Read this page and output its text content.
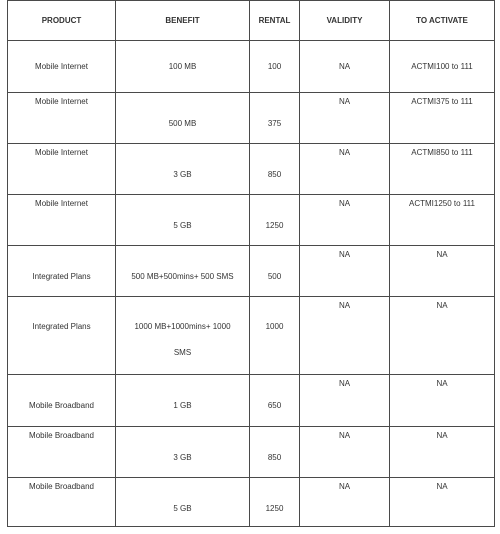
PRODUCT	BENEFIT	RENTAL	VALIDITY	TO ACTIVATE

Mobile Internet	100 MB	100	NA	ACTMI100 to 111

Mobile Internet	500 MB	375	NA	ACTMI375 to 111

Mobile Internet	3 GB	850	NA	ACTMI850 to 111

Mobile Internet	5 GB	1250	NA	ACTMI1250 to 111

Integrated Plans	500 MB+500mins+ 500 SMS	500	NA	NA

Integrated Plans	1000 MB+1000mins+ 1000
SMS	1000	NA	NA

Mobile Broadband	1 GB	650	NA	NA

Mobile Broadband	3 GB	850	NA	NA

Mobile Broadband	5 GB	1250	NA	NA
